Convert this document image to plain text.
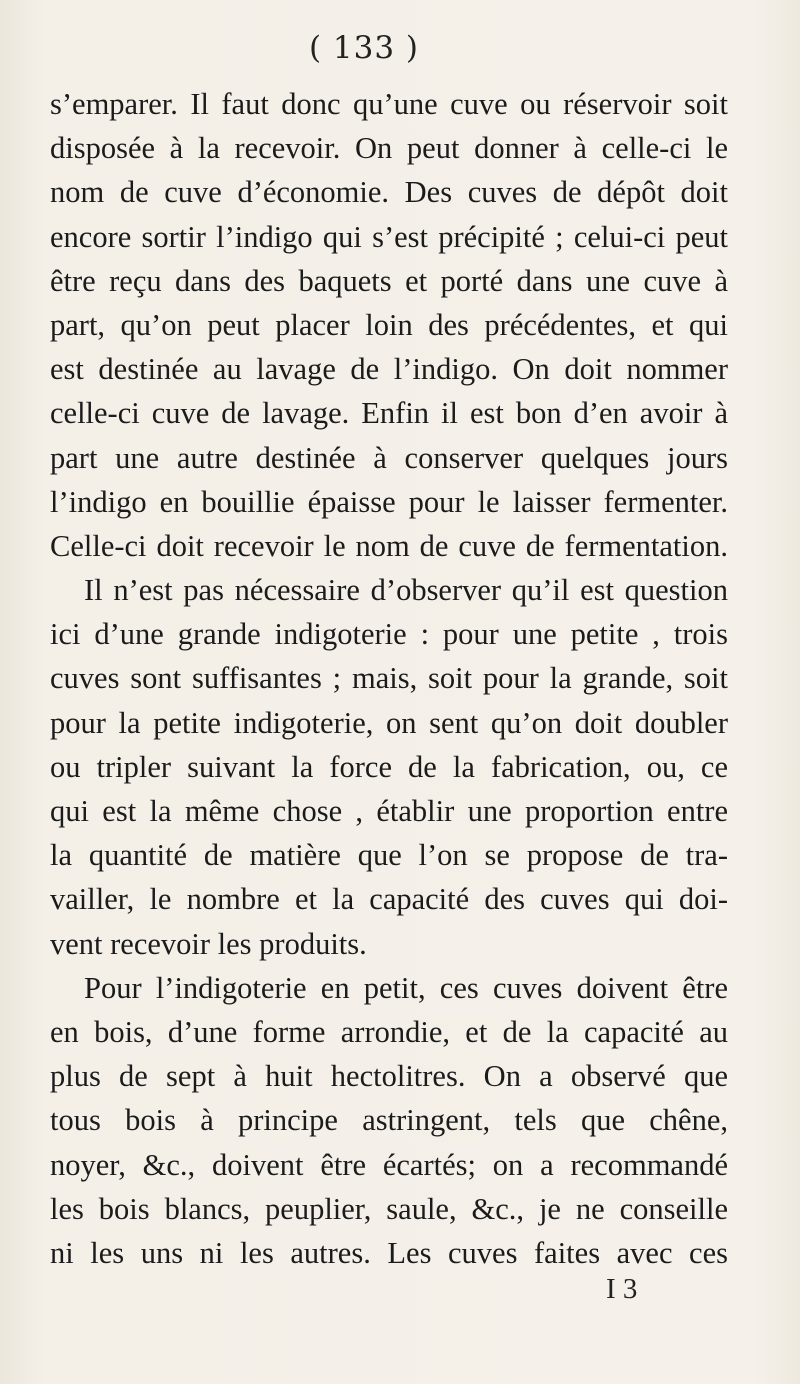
( 133 )
s’emparer. Il faut donc qu’une cuve ou réservoir soit
disposée à la recevoir. On peut donner à celle-ci le
nom de cuve d’économie. Des cuves de dépôt doit
encore sortir l’indigo qui s’est précipité ; celui-ci peut
être reçu dans des baquets et porté dans une cuve à
part, qu’on peut placer loin des précédentes, et qui
est destinée au lavage de l’indigo. On doit nommer
celle-ci cuve de lavage. Enfin il est bon d’en avoir à
part une autre destinée à conserver quelques jours
l’indigo en bouillie épaisse pour le laisser fermenter.
Celle-ci doit recevoir le nom de cuve de fermentation.
Il n’est pas nécessaire d’observer qu’il est question
ici d’une grande indigoterie : pour une petite , trois
cuves sont suffisantes ; mais, soit pour la grande, soit
pour la petite indigoterie, on sent qu’on doit doubler
ou tripler suivant la force de la fabrication, ou, ce
qui est la même chose , établir une proportion entre
la quantité de matière que l’on se propose de tra-
vailler, le nombre et la capacité des cuves qui doi-
vent recevoir les produits.
Pour l’indigoterie en petit, ces cuves doivent être
en bois, d’une forme arrondie, et de la capacité au
plus de sept à huit hectolitres. On a observé que
tous bois à principe astringent, tels que chêne,
noyer, &c., doivent être écartés; on a recommandé
les bois blancs, peuplier, saule, &c., je ne conseille
ni les uns ni les autres. Les cuves faites avec ces
I 3
